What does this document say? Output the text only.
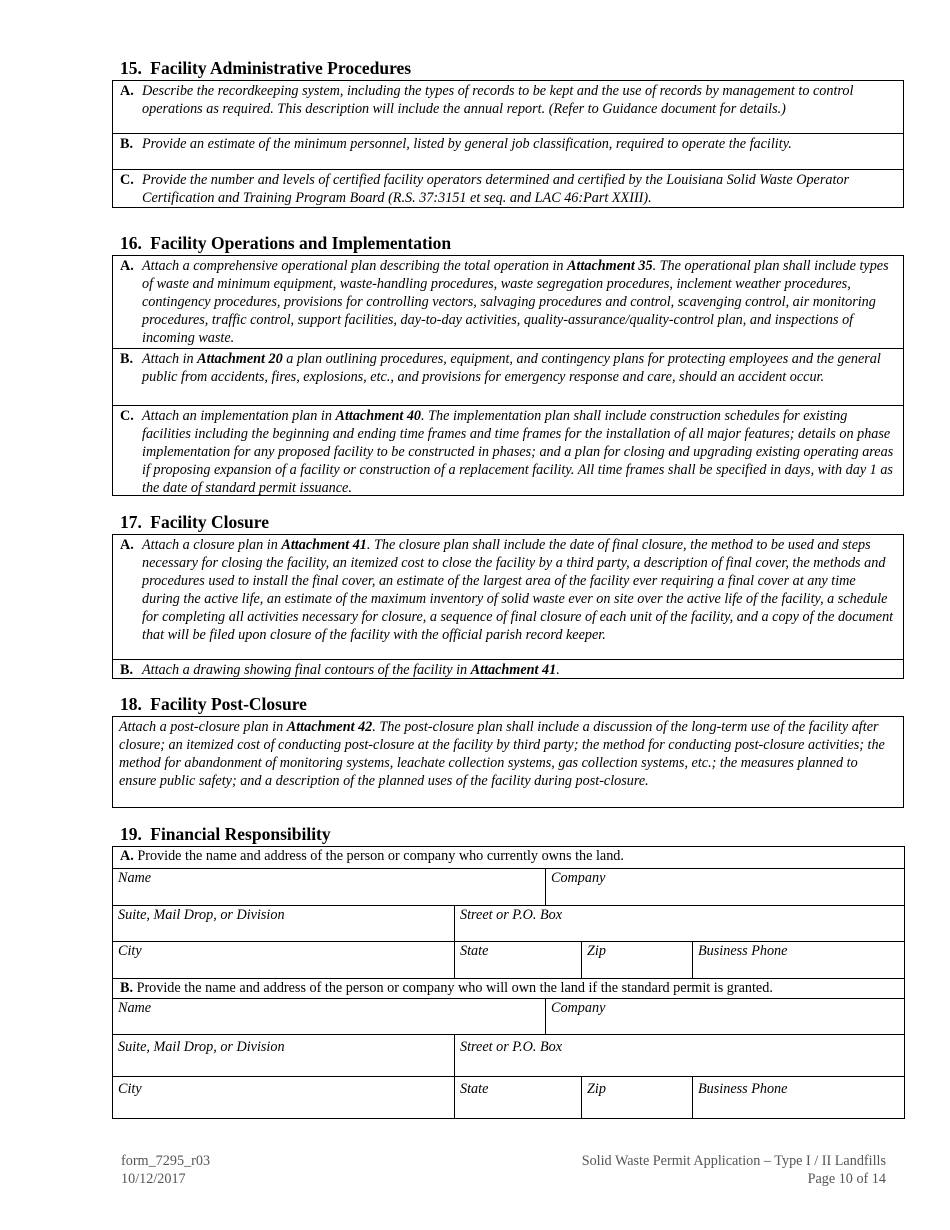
15. Facility Administrative Procedures
A. Describe the recordkeeping system, including the types of records to be kept and the use of records by management to control operations as required. This description will include the annual report. (Refer to Guidance document for details.)
B. Provide an estimate of the minimum personnel, listed by general job classification, required to operate the facility.
C. Provide the number and levels of certified facility operators determined and certified by the Louisiana Solid Waste Operator Certification and Training Program Board (R.S. 37:3151 et seq. and LAC 46:Part XXIII).
16. Facility Operations and Implementation
A. Attach a comprehensive operational plan describing the total operation in Attachment 35. The operational plan shall include types of waste and minimum equipment, waste-handling procedures, waste segregation procedures, inclement weather procedures, contingency procedures, provisions for controlling vectors, salvaging procedures and control, scavenging control, air monitoring procedures, traffic control, support facilities, day-to-day activities, quality-assurance/quality-control plan, and inspections of incoming waste.
B. Attach in Attachment 20 a plan outlining procedures, equipment, and contingency plans for protecting employees and the general public from accidents, fires, explosions, etc., and provisions for emergency response and care, should an accident occur.
C. Attach an implementation plan in Attachment 40. The implementation plan shall include construction schedules for existing facilities including the beginning and ending time frames and time frames for the installation of all major features; details on phase implementation for any proposed facility to be constructed in phases; and a plan for closing and upgrading existing operating areas if proposing expansion of a facility or construction of a replacement facility. All time frames shall be specified in days, with day 1 as the date of standard permit issuance.
17. Facility Closure
A. Attach a closure plan in Attachment 41. The closure plan shall include the date of final closure, the method to be used and steps necessary for closing the facility, an itemized cost to close the facility by a third party, a description of final cover, the methods and procedures used to install the final cover, an estimate of the largest area of the facility ever requiring a final cover at any time during the active life, an estimate of the maximum inventory of solid waste ever on site over the active life of the facility, a schedule for completing all activities necessary for closure, a sequence of final closure of each unit of the facility, and a copy of the document that will be filed upon closure of the facility with the official parish record keeper.
B. Attach a drawing showing final contours of the facility in Attachment 41.
18. Facility Post-Closure
Attach a post-closure plan in Attachment 42. The post-closure plan shall include a discussion of the long-term use of the facility after closure; an itemized cost of conducting post-closure at the facility by third party; the method for conducting post-closure activities; the method for abandonment of monitoring systems, leachate collection systems, gas collection systems, etc.; the measures planned to ensure public safety; and a description of the planned uses of the facility during post-closure.
19. Financial Responsibility
A. Provide the name and address of the person or company who currently owns the land.				
Name		Company		
Suite, Mail Drop, or Division	Street or P.O. Box			
City	State		Zip	Business Phone
B. Provide the name and address of the person or company who will own the land if the standard permit is granted.				
Name		Company		
Suite, Mail Drop, or Division	Street or P.O. Box			
City	State		Zip	Business Phone
form_7295_r03
10/12/2017
Solid Waste Permit Application – Type I / II Landfills
Page 10 of 14
